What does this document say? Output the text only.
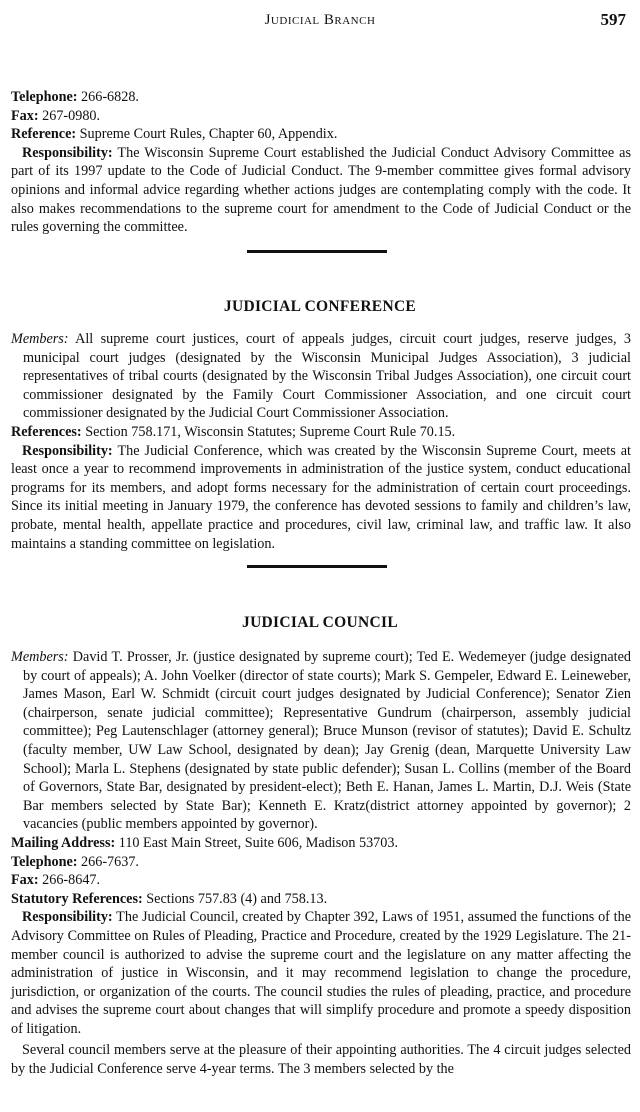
Judicial Branch	597

Telephone: 266-6828.

Fax: 267-0980.

Reference: Supreme Court Rules, Chapter 60, Appendix.

Responsibility: The Wisconsin Supreme Court established the Judicial Conduct Advisory Committee as part of its 1997 update to the Code of Judicial Conduct. The 9-member committee gives formal advisory opinions and informal advice regarding whether actions judges are contemplating comply with the code. It also makes recommendations to the supreme court for amendment to the Code of Judicial Conduct or the rules governing the committee.

JUDICIAL CONFERENCE

Members: All supreme court justices, court of appeals judges, circuit court judges, reserve judges, 3 municipal court judges (designated by the Wisconsin Municipal Judges Association), 3 judicial representatives of tribal courts (designated by the Wisconsin Tribal Judges Association), one circuit court commissioner designated by the Family Court Commissioner Association, and one circuit court commissioner designated by the Judicial Court Commissioner Association.

References: Section 758.171, Wisconsin Statutes; Supreme Court Rule 70.15.

Responsibility: The Judicial Conference, which was created by the Wisconsin Supreme Court, meets at least once a year to recommend improvements in administration of the justice system, conduct educational programs for its members, and adopt forms necessary for the administration of certain court proceedings. Since its initial meeting in January 1979, the conference has devoted sessions to family and children’s law, probate, mental health, appellate practice and procedures, civil law, criminal law, and traffic law. It also maintains a standing committee on legislation.

JUDICIAL COUNCIL

Members: David T. Prosser, Jr. (justice designated by supreme court); Ted E. Wedemeyer (judge designated by court of appeals); A. John Voelker (director of state courts); Mark S. Gempeler, Edward E. Leineweber, James Mason, Earl W. Schmidt (circuit court judges designated by Judicial Conference); Senator Zien (chairperson, senate judicial committee); Representative Gundrum (chairperson, assembly judicial committee); Peg Lautenschlager (attorney general); Bruce Munson (revisor of statutes); David E. Schultz (faculty member, UW Law School, designated by dean); Jay Grenig (dean, Marquette University Law School); Marla L. Stephens (designated by state public defender); Susan L. Collins (member of the Board of Governors, State Bar, designated by president-elect); Beth E. Hanan, James L. Martin, D.J. Weis (State Bar members selected by State Bar); Kenneth E. Kratz(district attorney appointed by governor); 2 vacancies (public members appointed by governor).

Mailing Address: 110 East Main Street, Suite 606, Madison 53703.

Telephone: 266-7637.

Fax: 266-8647.

Statutory References: Sections 757.83 (4) and 758.13.

Responsibility: The Judicial Council, created by Chapter 392, Laws of 1951, assumed the functions of the Advisory Committee on Rules of Pleading, Practice and Procedure, created by the 1929 Legislature. The 21-member council is authorized to advise the supreme court and the legislature on any matter affecting the administration of justice in Wisconsin, and it may recommend legislation to change the procedure, jurisdiction, or organization of the courts. The council studies the rules of pleading, practice, and procedure and advises the supreme court about changes that will simplify procedure and promote a speedy disposition of litigation.

Several council members serve at the pleasure of their appointing authorities. The 4 circuit judges selected by the Judicial Conference serve 4-year terms. The 3 members selected by the
